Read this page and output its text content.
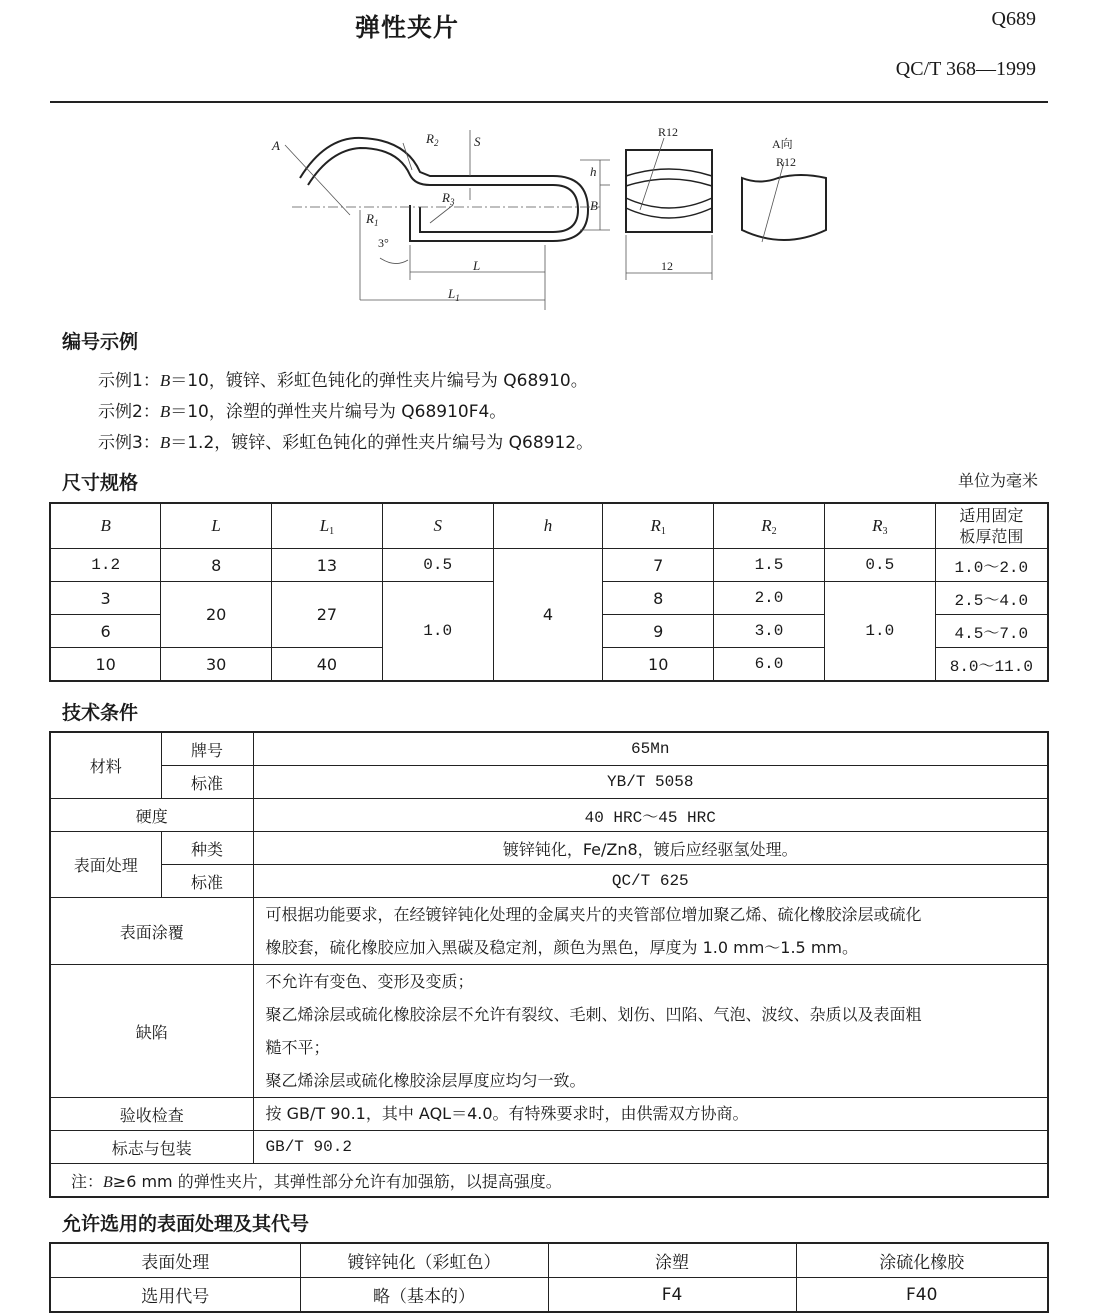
弹性夹片	Q689
QC/T 368—1999
A
$R_1$
$R_2$
$R_3$
S
h
B
L
$L_1$
3°
R12
12
A向
R12
编号示例
示例1：B＝10，镀锌、彩虹色钝化的弹性夹片编号为 Q68910。
示例2：B＝10，涂塑的弹性夹片编号为 Q68910F4。
示例3：B＝1.2，镀锌、彩虹色钝化的弹性夹片编号为 Q68912。
尺寸规格	单位为毫米
B	L	$L_1$	S	h	$R_1$	$R_2$	$R_3$	适用固定
板厚范围

1.2	8	13	0.5	4	7	1.5	0.5	1.0～2.0
3	20	27	1.0		8	2.0	1.0	2.5～4.0
6					9	3.0		4.5～7.0
10	30	40			10	6.0		8.0～11.0
技术条件
材料	牌号	65Mn
	标准	YB/T 5058
硬度		40 HRC～45 HRC
表面处理	种类	镀锌钝化，Fe/Zn8，镀后应经驱氢处理。
	标准	QC/T 625
表面涂覆		可根据功能要求，在经镀锌钝化处理的金属夹片的夹管部位增加聚乙烯、硫化橡胶涂层或硫化
橡胶套，硫化橡胶应加入黑碳及稳定剂，颜色为黑色，厚度为 1.0 mm～1.5 mm。

缺陷		不允许有变色、变形及变质；
聚乙烯涂层或硫化橡胶涂层不允许有裂纹、毛刺、划伤、凹陷、气泡、波纹、杂质以及表面粗
糙不平；
聚乙烯涂层或硫化橡胶涂层厚度应均匀一致。

验收检查		按 GB/T 90.1，其中 AQL＝4.0。有特殊要求时，由供需双方协商。
标志与包装		GB/T 90.2
注：B≥6 mm 的弹性夹片，其弹性部分允许有加强筋，以提高强度。		
允许选用的表面处理及其代号
表面处理	镀锌钝化（彩虹色）	涂塑	涂硫化橡胶
选用代号	略（基本的）	F4	F40
